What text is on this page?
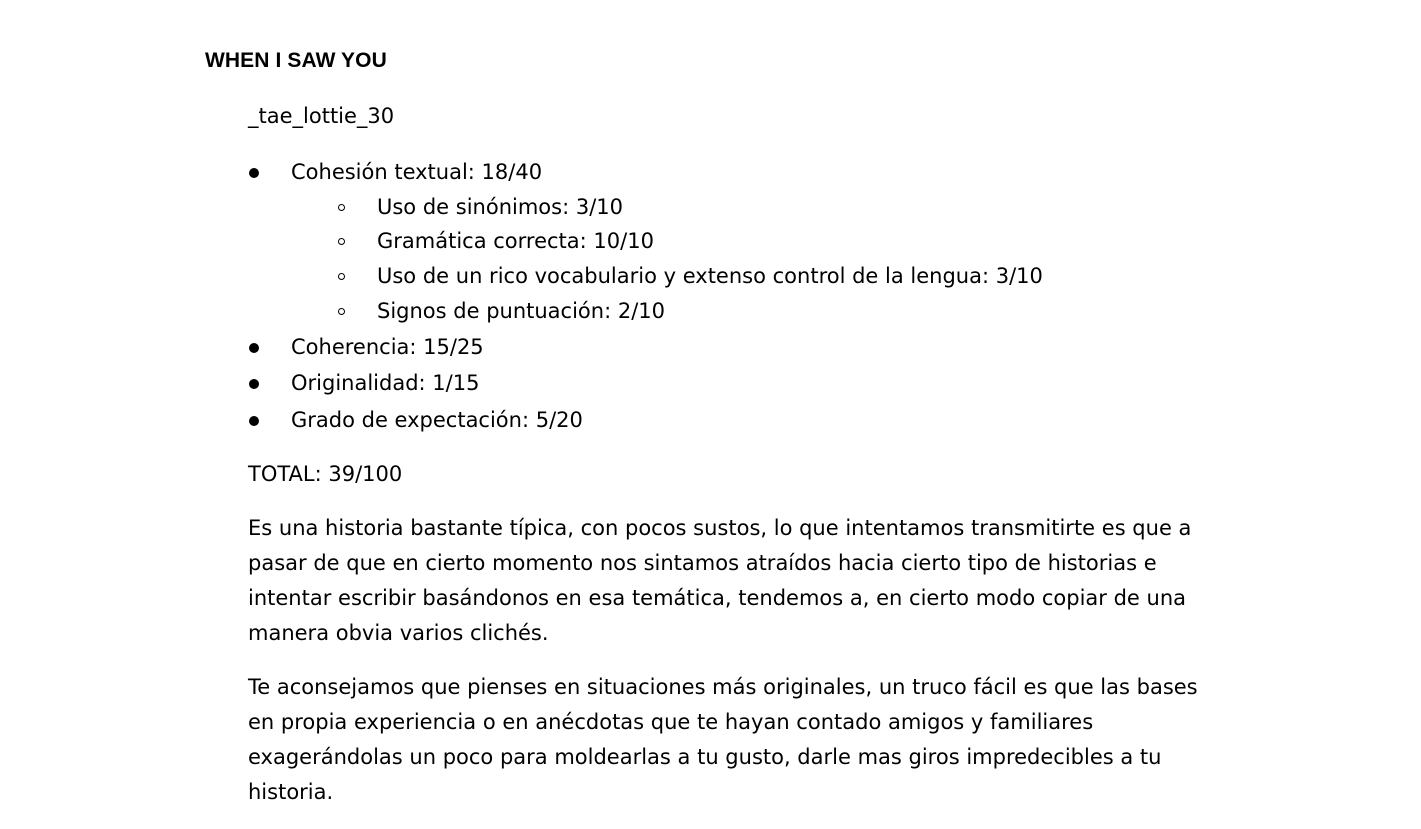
WHEN I SAW YOU
_tae_lottie_30
Cohesión textual: 18/40
Uso de sinónimos: 3/10
Gramática correcta: 10/10
Uso de un rico vocabulario y extenso control de la lengua: 3/10
Signos de puntuación: 2/10
Coherencia: 15/25
Originalidad: 1/15
Grado de expectación: 5/20
TOTAL: 39/100
Es una historia bastante típica, con pocos sustos, lo que intentamos transmitirte es que a
pasar de que en cierto momento nos sintamos atraídos hacia cierto tipo de historias e
intentar escribir basándonos en esa temática, tendemos a, en cierto modo copiar de una
manera obvia varios clichés.
Te aconsejamos que pienses en situaciones más originales, un truco fácil es que las bases
en propia experiencia o en anécdotas que te hayan contado amigos y familiares
exagerándolas un poco para moldearlas a tu gusto, darle mas giros impredecibles a tu
historia.
